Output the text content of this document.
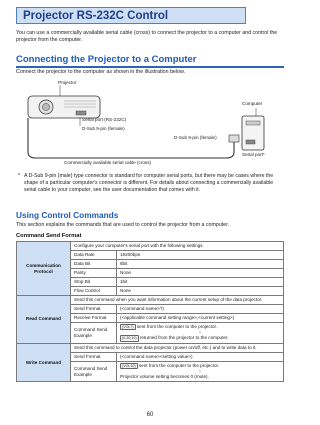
Projector RS-232C Control
You can use a commercially available serial cable (cross) to connect the projector to a computer and control the projector from the computer.
Connecting the Projector to a Computer
Connect the projector to the computer as shown in the illustration below.
Projector
Serial port (RS-232C)
D-Sub 9-pin (female)
Computer
D-Sub 9-pin (female)
Serial port*
Commercially available serial cable (cross)
* A D-Sub 9-pin (male) type connector is standard for computer serial ports, but there may be cases where the shape of a particular computer's connector is different. For details about connecting a commercially available serial cable to your computer, see the user documentation that comes with it.
Using Control Commands
This section explains the commands that are used to control the projector from a computer.
Command Send Format
Communication Protocol	Configure your computer's serial port with the following settings.	
	Data Rate	19200bps
	Data Bit	8bit
	Parity	None
	Stop Bit	1bit
	Flow Control	None
Read Command	Send this command when you want information about the current setup of the data projector.	
	Send Format	(<command name>?)
	Receive Format	(<applicable command setting range>,<current setting>)
	Command Send Example	(VOL?) sent from the computer to the projector.
↓
(0-30,10) returned from the projector to the computer.

Write Command	Send this command to control the data projector (power on/off, etc.) and to write data to it.	
	Send Format	(<command name><setting value>)
	Command Send Example	(VOL10) sent from the computer to the projector.
↓
Projector volume setting becomes 0 (mute).
60
